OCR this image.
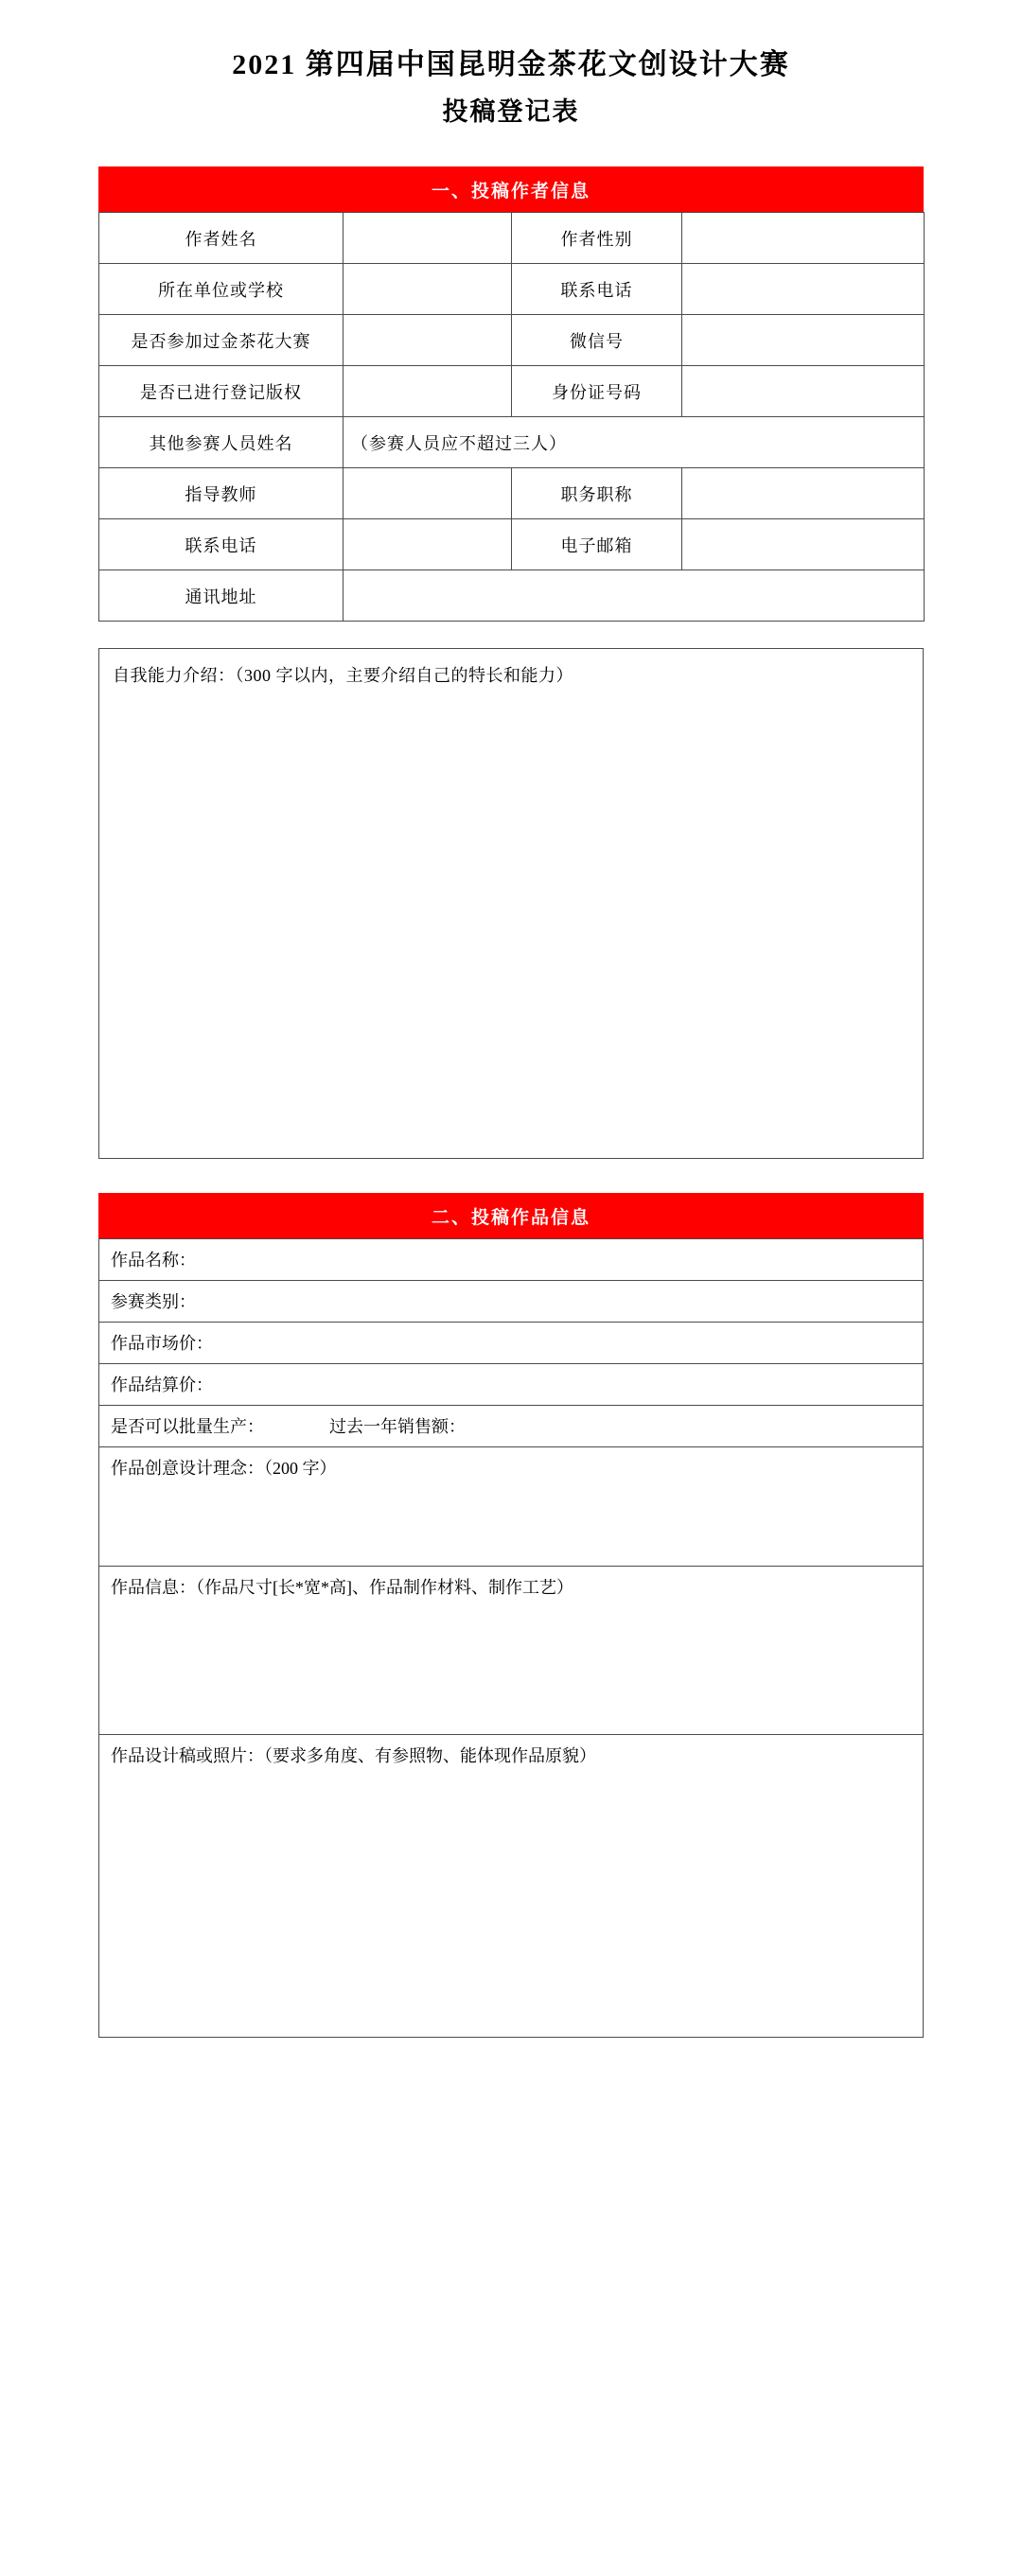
2021 第四届中国昆明金茶花文创设计大赛
投稿登记表
一、投稿作者信息
作者姓名		作者性别	
所在单位或学校		联系电话	
是否参加过金茶花大赛		微信号	
是否已进行登记版权		身份证号码	
其他参赛人员姓名	（参赛人员应不超过三人）		
指导教师		职务职称	
联系电话		电子邮箱	
通讯地址			
自我能力介绍：（300 字以内，主要介绍自己的特长和能力）
二、投稿作品信息
作品名称：
参赛类别：
作品市场价：
作品结算价：
是否可以批量生产：	过去一年销售额：
作品创意设计理念：（200 字）
作品信息：（作品尺寸[长*宽*高]、作品制作材料、制作工艺）
作品设计稿或照片：（要求多角度、有参照物、能体现作品原貌）
